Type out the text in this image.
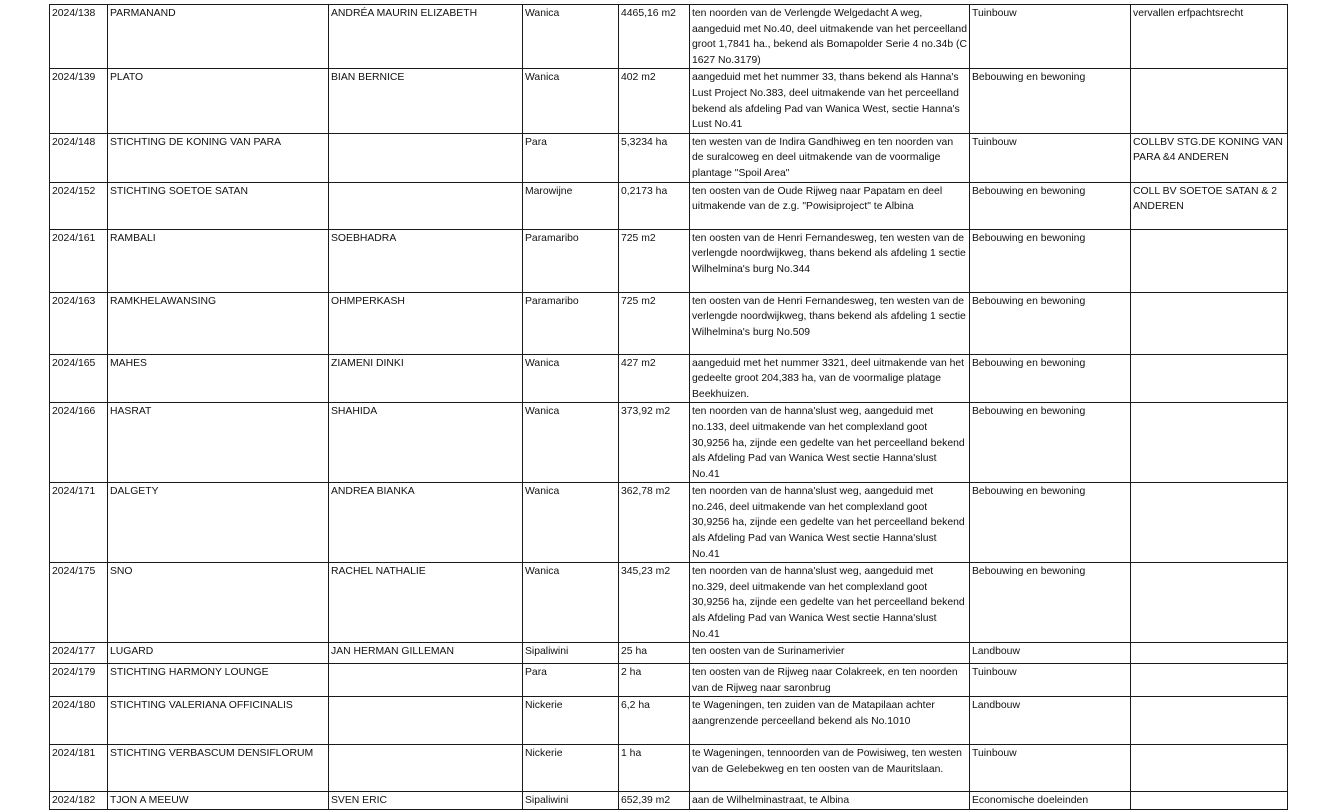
2024/138	PARMANAND	ANDRÉA MAURIN ELIZABETH	Wanica	4465,16 m2	ten noorden van de Verlengde Welgedacht A weg, aangeduid met No.40, deel uitmakende van het perceelland groot 1,7841 ha., bekend als Bomapolder Serie 4 no.34b (C 1627 No.3179)	Tuinbouw	vervallen erfpachtsrecht
2024/139	PLATO	BIAN BERNICE	Wanica	402 m2	aangeduid met het nummer 33, thans bekend als Hanna's Lust Project No.383, deel uitmakende van het perceelland bekend als afdeling Pad van Wanica West, sectie Hanna's Lust No.41	Bebouwing en bewoning	
2024/148	STICHTING DE KONING VAN PARA		Para	5,3234 ha	ten westen van de Indira Gandhiweg en ten noorden van de suralcoweg en deel uitmakende van de voormalige plantage "Spoil Area"	Tuinbouw	COLLBV STG.DE KONING VAN PARA &4 ANDEREN
2024/152	STICHTING SOETOE SATAN		Marowijne	0,2173 ha	ten oosten van de Oude Rijweg naar Papatam en deel uitmakende van de z.g. "Powisiproject" te Albina	Bebouwing en bewoning	COLL BV SOETOE SATAN & 2 ANDEREN
2024/161	RAMBALI	SOEBHADRA	Paramaribo	725 m2	ten oosten van de Henri Fernandesweg, ten westen van de verlengde noordwijkweg, thans bekend als afdeling 1 sectie Wilhelmina's burg No.344	Bebouwing en bewoning	
2024/163	RAMKHELAWANSING	OHMPERKASH	Paramaribo	725 m2	ten oosten van de Henri Fernandesweg, ten westen van de verlengde noordwijkweg, thans bekend als afdeling 1 sectie Wilhelmina's burg No.509	Bebouwing en bewoning	
2024/165	MAHES	ZIAMENI DINKI	Wanica	427 m2	aangeduid met het nummer 3321, deel uitmakende van het gedeelte groot 204,383 ha, van de voormalige platage Beekhuizen.	Bebouwing en bewoning	
2024/166	HASRAT	SHAHIDA	Wanica	373,92 m2	ten noorden van de hanna'slust weg, aangeduid met no.133, deel uitmakende van het complexland goot 30,9256 ha, zijnde een gedelte van het perceelland bekend als Afdeling Pad van Wanica West sectie Hanna'slust No.41	Bebouwing en bewoning	
2024/171	DALGETY	ANDREA BIANKA	Wanica	362,78 m2	ten noorden van de hanna'slust weg, aangeduid met no.246, deel uitmakende van het complexland goot 30,9256 ha, zijnde een gedelte van het perceelland bekend als Afdeling Pad van Wanica West sectie Hanna'slust No.41	Bebouwing en bewoning	
2024/175	SNO	RACHEL NATHALIE	Wanica	345,23 m2	ten noorden van de hanna'slust weg, aangeduid met no.329, deel uitmakende van het complexland goot 30,9256 ha, zijnde een gedelte van het perceelland bekend als Afdeling Pad van Wanica West sectie Hanna'slust No.41	Bebouwing en bewoning	
2024/177	LUGARD	JAN HERMAN GILLEMAN	Sipaliwini	25 ha	ten oosten van de Surinamerivier	Landbouw	
2024/179	STICHTING HARMONY LOUNGE		Para	2 ha	ten oosten van de Rijweg naar Colakreek, en ten noorden van de Rijweg naar saronbrug	Tuinbouw	
2024/180	STICHTING VALERIANA OFFICINALIS		Nickerie	6,2 ha	te Wageningen, ten zuiden van de Matapilaan achter aangrenzende perceelland bekend als No.1010	Landbouw	
2024/181	STICHTING VERBASCUM DENSIFLORUM		Nickerie	1 ha	te Wageningen, tennoorden van de Powisiweg, ten westen van de Gelebekweg en ten oosten van de Mauritslaan.	Tuinbouw	
2024/182	TJON A MEEUW	SVEN ERIC	Sipaliwini	652,39 m2	aan de Wilhelminastraat, te Albina	Economische doeleinden	
